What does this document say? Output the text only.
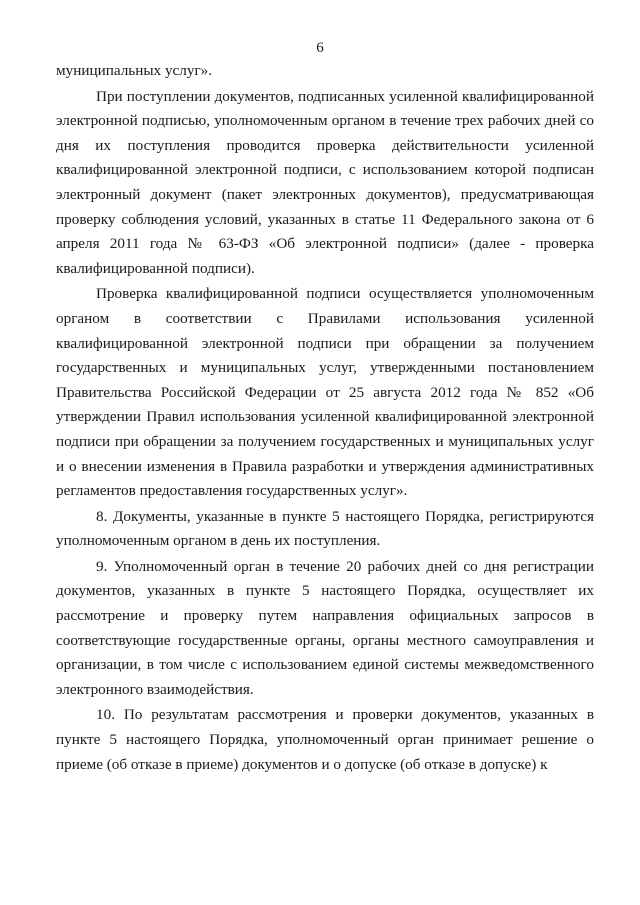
6

муниципальных услуг».

При поступлении документов, подписанных усиленной квалифицированной электронной подписью, уполномоченным органом в течение трех рабочих дней со дня их поступления проводится проверка действительности усиленной квалифицированной электронной подписи, с использованием которой подписан электронный документ (пакет электронных документов), предусматривающая проверку соблюдения условий, указанных в статье 11 Федерального закона от 6 апреля 2011 года № 63-ФЗ «Об электронной подписи» (далее - проверка квалифицированной подписи).

Проверка квалифицированной подписи осуществляется уполномоченным органом в соответствии с Правилами использования усиленной квалифицированной электронной подписи при обращении за получением государственных и муниципальных услуг, утвержденными постановлением Правительства Российской Федерации от 25 августа 2012 года № 852 «Об утверждении Правил использования усиленной квалифицированной электронной подписи при обращении за получением государственных и муниципальных услуг и о внесении изменения в Правила разработки и утверждения административных регламентов предоставления государственных услуг».

8. Документы, указанные в пункте 5 настоящего Порядка, регистрируются уполномоченным органом в день их поступления.

9. Уполномоченный орган в течение 20 рабочих дней со дня регистрации документов, указанных в пункте 5 настоящего Порядка, осуществляет их рассмотрение и проверку путем направления официальных запросов в соответствующие государственные органы, органы местного самоуправления и организации, в том числе с использованием единой системы межведомственного электронного взаимодействия.

10. По результатам рассмотрения и проверки документов, указанных в пункте 5 настоящего Порядка, уполномоченный орган принимает решение о приеме (об отказе в приеме) документов и о допуске (об отказе в допуске) к
